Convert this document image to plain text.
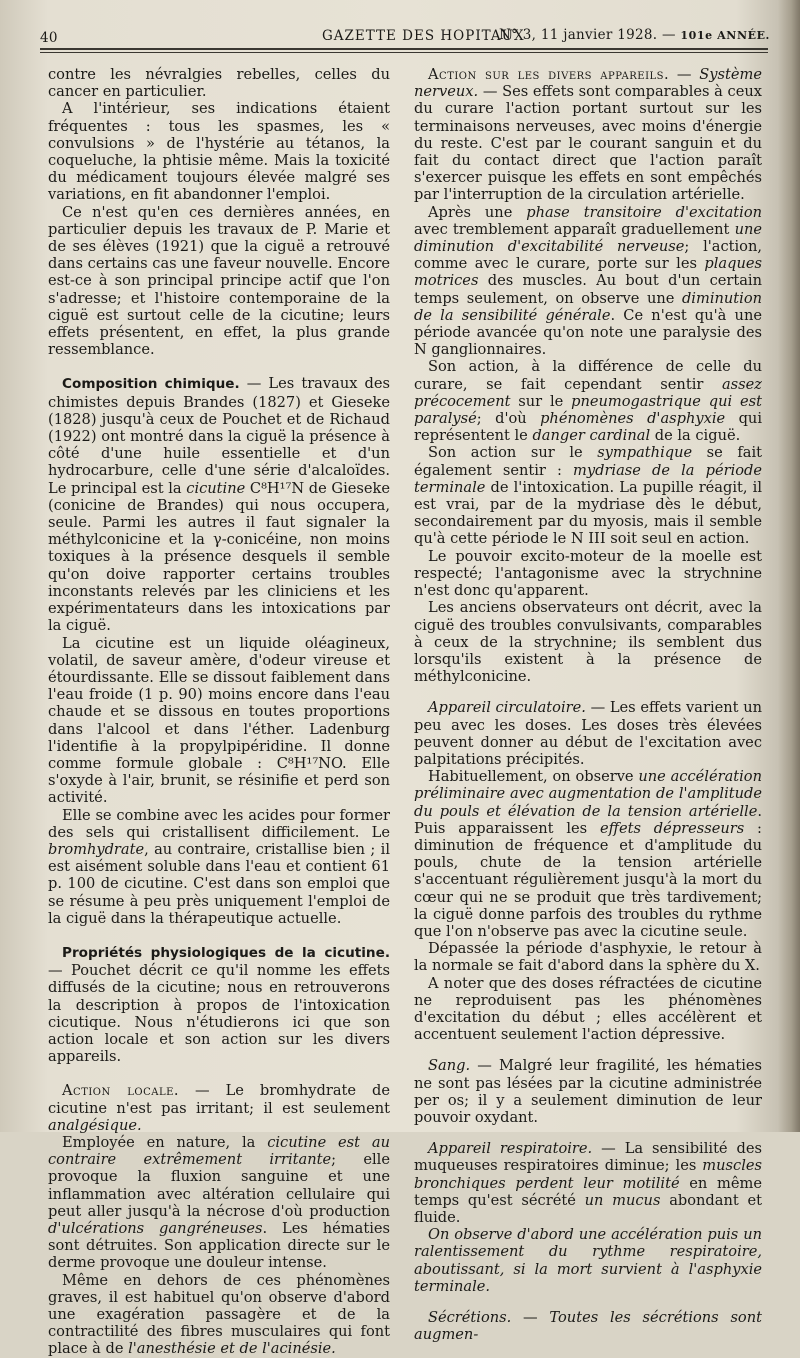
40	GAZETTE DES HOPITAUX
N° 3, 11 janvier 1928. — 101e ANNÉE.

contre les névralgies rebelles, celles du cancer en particulier.

A l'intérieur, ses indications étaient fréquentes : tous les spasmes, les « convulsions » de l'hystérie au tétanos, la coqueluche, la phtisie même. Mais la toxicité du médicament toujours élevée malgré ses variations, en fit abandonner l'emploi.

Ce n'est qu'en ces dernières années, en particulier depuis les travaux de P. Marie et de ses élèves (1921) que la ciguë a retrouvé dans certains cas une faveur nouvelle. Encore est-ce à son principal principe actif que l'on s'adresse; et l'histoire contemporaine de la ciguë est surtout celle de la cicutine; leurs effets présentent, en effet, la plus grande ressemblance.

Composition chimique. — Les travaux des chimistes depuis Brandes (1827) et Gieseke (1828) jusqu'à ceux de Pouchet et de Richaud (1922) ont montré dans la ciguë la présence à côté d'une huile essentielle et d'un hydrocarbure, celle d'une série d'alcaloïdes. Le principal est la cicutine C⁸H¹⁷N de Gieseke (conicine de Brandes) qui nous occupera, seule. Parmi les autres il faut signaler la méthylconicine et la γ-conicéine, non moins toxiques à la présence desquels il semble qu'on doive rapporter certains troubles inconstants relevés par les cliniciens et les expérimentateurs dans les intoxications par la ciguë.

La cicutine est un liquide oléagineux, volatil, de saveur amère, d'odeur vireuse et étourdissante. Elle se dissout faiblement dans l'eau froide (1 p. 90) moins encore dans l'eau chaude et se dissous en toutes proportions dans l'alcool et dans l'éther. Ladenburg l'identifie à la propylpipéridine. Il donne comme formule globale : C⁸H¹⁷NO. Elle s'oxyde à l'air, brunit, se résinifie et perd son activité.

Elle se combine avec les acides pour former des sels qui cristallisent difficilement. Le bromhydrate, au contraire, cristallise bien ; il est aisément soluble dans l'eau et contient 61 p. 100 de cicutine. C'est dans son emploi que se résume à peu près uniquement l'emploi de la ciguë dans la thérapeutique actuelle.

Propriétés physiologiques de la cicutine. — Pouchet décrit ce qu'il nomme les effets diffusés de la cicutine; nous en retrouverons la description à propos de l'intoxication cicutique. Nous n'étudierons ici que son action locale et son action sur les divers appareils.

Action locale. — Le bromhydrate de cicutine n'est pas irritant; il est seulement analgésique.

Employée en nature, la cicutine est au contraire extrêmement irritante; elle provoque la fluxion sanguine et une inflammation avec altération cellulaire qui peut aller jusqu'à la nécrose d'où production d'ulcérations gangréneuses. Les hématies sont détruites. Son application directe sur le derme provoque une douleur intense.

Même en dehors de ces phénomènes graves, il est habituel qu'on observe d'abord une exagération passagère et de la contractilité des fibres musculaires qui font place à de l'anesthésie et de l'acinésie.

Action sur les divers appareils. — Système nerveux. — Ses effets sont comparables à ceux du curare l'action portant surtout sur les terminaisons nerveuses, avec moins d'énergie du reste. C'est par le courant sanguin et du fait du contact direct que l'action paraît s'exercer puisque les effets en sont empêchés par l'interruption de la circulation artérielle.

Après une phase transitoire d'excitation avec tremblement apparaît graduellement une diminution d'excitabilité nerveuse; l'action, comme avec le curare, porte sur les plaques motrices des muscles. Au bout d'un certain temps seulement, on observe une diminution de la sensibilité générale. Ce n'est qu'à une période avancée qu'on note une paralysie des N ganglionnaires.

Son action, à la différence de celle du curare, se fait cependant sentir assez précocement sur le pneumogastrique qui est paralysé; d'où phénomènes d'asphyxie qui représentent le danger cardinal de la ciguë.

Son action sur le sympathique se fait également sentir : mydriase de la période terminale de l'intoxication. La pupille réagit, il est vrai, par de la mydriase dès le début, secondairement par du myosis, mais il semble qu'à cette période le N III soit seul en action.

Le pouvoir excito-moteur de la moelle est respecté; l'antagonisme avec la strychnine n'est donc qu'apparent.

Les anciens observateurs ont décrit, avec la ciguë des troubles convulsivants, comparables à ceux de la strychnine; ils semblent dus lorsqu'ils existent à la présence de méthylconicine.

Appareil circulatoire. — Les effets varient un peu avec les doses. Les doses très élevées peuvent donner au début de l'excitation avec palpitations précipités.

Habituellement, on observe une accélération préliminaire avec augmentation de l'amplitude du pouls et élévation de la tension artérielle. Puis apparaissent les effets dépresseurs : diminution de fréquence et d'amplitude du pouls, chute de la tension artérielle s'accentuant régulièrement jusqu'à la mort du cœur qui ne se produit que très tardivement; la ciguë donne parfois des troubles du rythme que l'on n'observe pas avec la cicutine seule.

Dépassée la période d'asphyxie, le retour à la normale se fait d'abord dans la sphère du X.

A noter que des doses réfractées de cicutine ne reproduisent pas les phénomènes d'excitation du début ; elles accélèrent et accentuent seulement l'action dépressive.

Sang. — Malgré leur fragilité, les hématies ne sont pas lésées par la cicutine administrée per os; il y a seulement diminution de leur pouvoir oxydant.

Appareil respiratoire. — La sensibilité des muqueuses respiratoires diminue; les muscles bronchiques perdent leur motilité en même temps qu'est sécrété un mucus abondant et fluide.

On observe d'abord une accélération puis un ralentissement du rythme respiratoire, aboutissant, si la mort survient à l'asphyxie terminale.

Sécrétions. — Toutes les sécrétions sont augmen-
